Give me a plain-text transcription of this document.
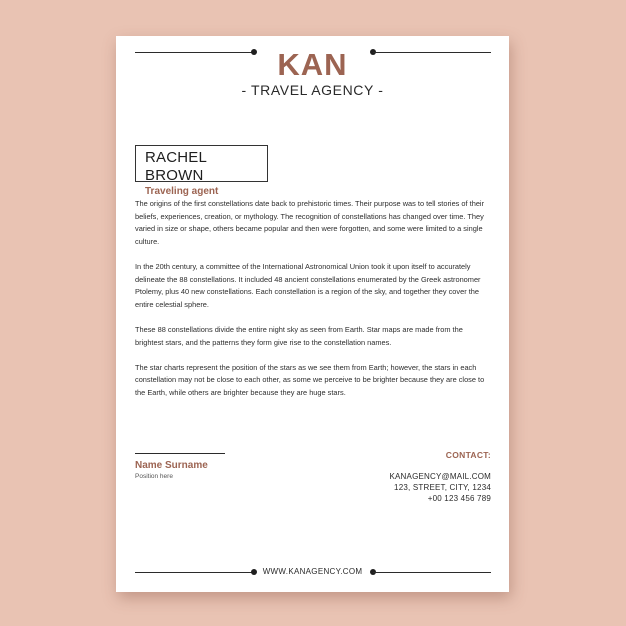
KAN
- TRAVEL AGENCY -
RACHEL BROWN
Traveling agent

The origins of the first constellations date back to prehistoric times. Their purpose was to tell stories of their beliefs, experiences, creation, or mythology. The recognition of constellations has changed over time. They varied in size or shape, others became popular and then were forgotten, and some were limited to a single culture.

In the 20th century, a committee of the International Astronomical Union took it upon itself to accurately delineate the 88 constellations. It included 48 ancient constellations enumerated by the Greek astronomer Ptolemy, plus 40 new constellations. Each constellation is a region of the sky, and together they cover the entire celestial sphere.

These 88 constellations divide the entire night sky as seen from Earth. Star maps are made from the brightest stars, and the patterns they form give rise to the constellation names.

The star charts represent the position of the stars as we see them from Earth; however, the stars in each constellation may not be close to each other, as some we perceive to be brighter because they are close to the Earth, while others are brighter because they are huge stars.

Name Surname
Position here
CONTACT:
KANAGENCY@MAIL.COM
123, STREET, CITY, 1234
+00 123 456 789
WWW.KANAGENCY.COM
